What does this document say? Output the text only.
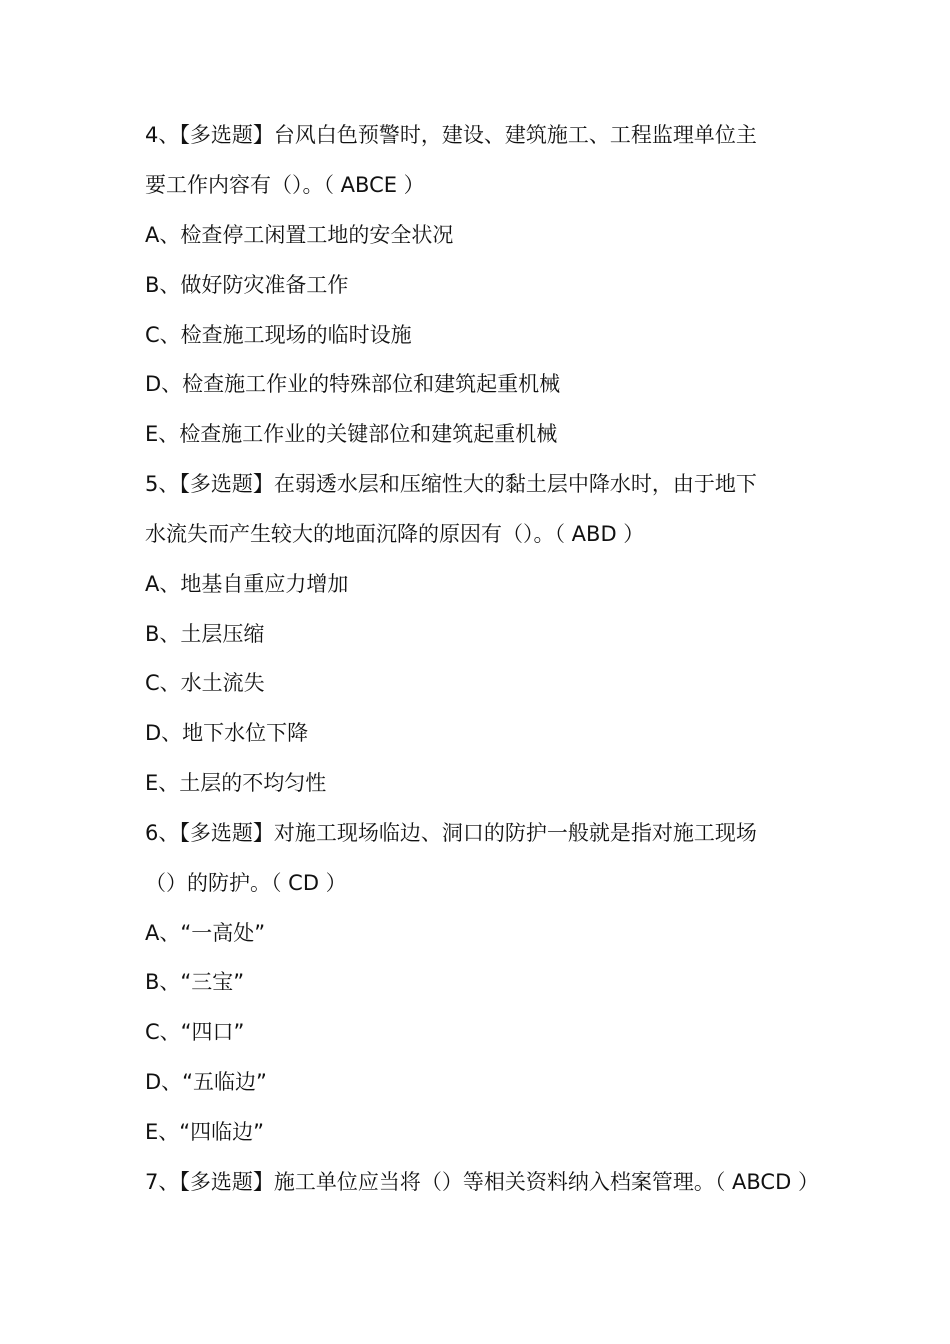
4、【多选题】台风白色预警时，建设、建筑施工、工程监理单位主
要工作内容有（）。（ ABCE ）
A、检查停工闲置工地的安全状况
B、做好防灾准备工作
C、检查施工现场的临时设施
D、检查施工作业的特殊部位和建筑起重机械
E、检查施工作业的关键部位和建筑起重机械
5、【多选题】在弱透水层和压缩性大的黏土层中降水时，由于地下
水流失而产生较大的地面沉降的原因有（）。（ ABD ）
A、地基自重应力增加
B、土层压缩
C、水土流失
D、地下水位下降
E、土层的不均匀性
6、【多选题】对施工现场临边、洞口的防护一般就是指对施工现场
（）的防护。（ CD ）
A、“一高处”
B、“三宝”
C、“四口”
D、“五临边”
E、“四临边”
7、【多选题】施工单位应当将（）等相关资料纳入档案管理。（ ABCD ）
